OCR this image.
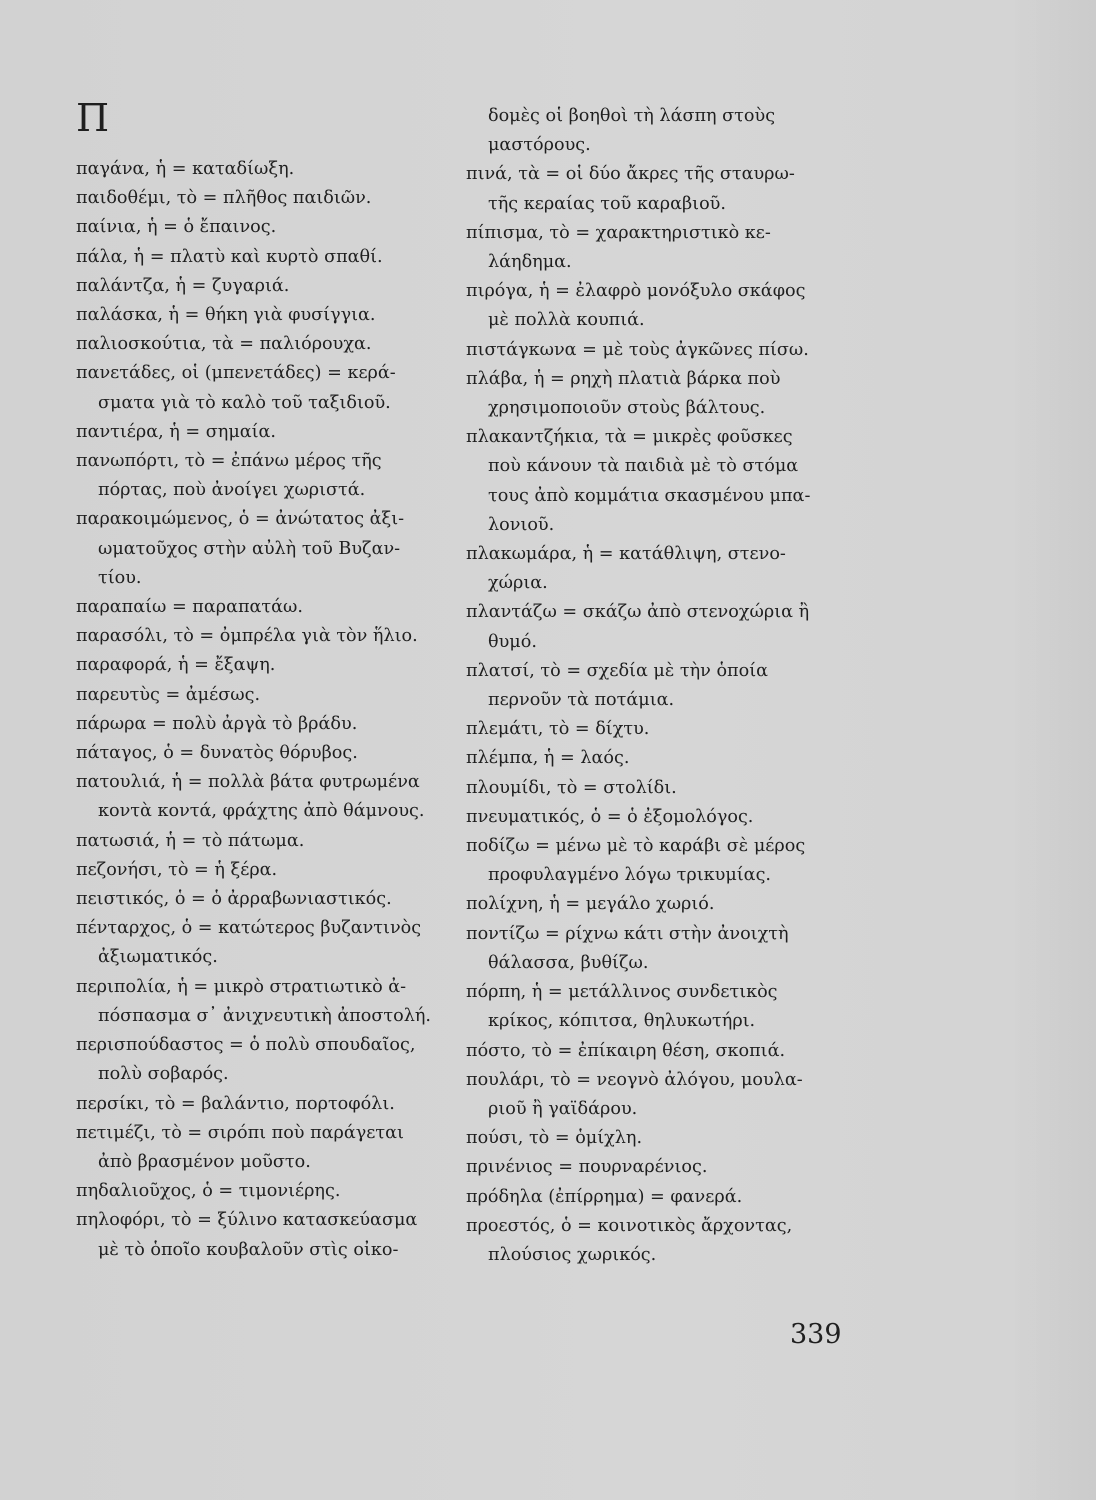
Π
παγάνα, ἡ = καταδίωξη.
παιδοθέμι, τὸ = πλῆθος παιδιῶν.
παίνια, ἡ = ὁ ἔπαινος.
πάλα, ἡ = πλατὺ καὶ κυρτὸ σπαθί.
παλάντζα, ἡ = ζυγαριά.
παλάσκα, ἡ = θήκη γιὰ φυσίγγια.
παλιοσκούτια, τὰ = παλιόρουχα.
πανετάδες, οἱ (μπενετάδες) = κερά-
σματα γιὰ τὸ καλὸ τοῦ ταξιδιοῦ.
παντιέρα, ἡ = σημαία.
πανωπόρτι, τὸ = ἐπάνω μέρος τῆς
πόρτας, ποὺ ἀνοίγει χωριστά.
παρακοιμώμενος, ὁ = ἀνώτατος ἀξι-
ωματοῦχος στὴν αὐλὴ τοῦ Βυζαν-
τίου.
παραπαίω = παραπατάω.
παρασόλι, τὸ = ὀμπρέλα γιὰ τὸν ἥλιο.
παραφορά, ἡ = ἔξαψη.
παρευτὺς = ἀμέσως.
πάρωρα = πολὺ ἀργὰ τὸ βράδυ.
πάταγος, ὁ = δυνατὸς θόρυβος.
πατουλιά, ἡ = πολλὰ βάτα φυτρωμένα
κοντὰ κοντά, φράχτης ἀπὸ θάμνους.
πατωσιά, ἡ = τὸ πάτωμα.
πεζονήσι, τὸ = ἡ ξέρα.
πειστικός, ὁ = ὁ ἀρραβωνιαστικός.
πένταρχος, ὁ = κατώτερος βυζαντινὸς
ἀξιωματικός.
περιπολία, ἡ = μικρὸ στρατιωτικὸ ἀ-
πόσπασμα σ᾽ ἀνιχνευτικὴ ἀποστολή.
περισπούδαστος = ὁ πολὺ σπουδαῖος,
πολὺ σοβαρός.
περσίκι, τὸ = βαλάντιο, πορτοφόλι.
πετιμέζι, τὸ = σιρόπι ποὺ παράγεται
ἀπὸ βρασμένον μοῦστο.
πηδαλιοῦχος, ὁ = τιμονιέρης.
πηλοφόρι, τὸ = ξύλινο κατασκεύασμα
μὲ τὸ ὁποῖο κουβαλοῦν στὶς οἰκο-
δομὲς οἱ βοηθοὶ τὴ λάσπη στοὺς
μαστόρους.
πινά, τὰ = οἱ δύο ἄκρες τῆς σταυρω-
τῆς κεραίας τοῦ καραβιοῦ.
πίπισμα, τὸ = χαρακτηριστικὸ κε-
λάηδημα.
πιρόγα, ἡ = ἐλαφρὸ μονόξυλο σκάφος
μὲ πολλὰ κουπιά.
πιστάγκωνα = μὲ τοὺς ἀγκῶνες πίσω.
πλάβα, ἡ = ρηχὴ πλατιὰ βάρκα ποὺ
χρησιμοποιοῦν στοὺς βάλτους.
πλακαντζήκια, τὰ = μικρὲς φοῦσκες
ποὺ κάνουν τὰ παιδιὰ μὲ τὸ στόμα
τους ἀπὸ κομμάτια σκασμένου μπα-
λονιοῦ.
πλακωμάρα, ἡ = κατάθλιψη, στενο-
χώρια.
πλαντάζω = σκάζω ἀπὸ στενοχώρια ἢ
θυμό.
πλατσί, τὸ = σχεδία μὲ τὴν ὁποία
περνοῦν τὰ ποτάμια.
πλεμάτι, τὸ = δίχτυ.
πλέμπα, ἡ = λαός.
πλουμίδι, τὸ = στολίδι.
πνευματικός, ὁ = ὁ ἐξομολόγος.
ποδίζω = μένω μὲ τὸ καράβι σὲ μέρος
προφυλαγμένο λόγω τρικυμίας.
πολίχνη, ἡ = μεγάλο χωριό.
ποντίζω = ρίχνω κάτι στὴν ἀνοιχτὴ
θάλασσα, βυθίζω.
πόρπη, ἡ = μετάλλινος συνδετικὸς
κρίκος, κόπιτσα, θηλυκωτήρι.
πόστο, τὸ = ἐπίκαιρη θέση, σκοπιά.
πουλάρι, τὸ = νεογνὸ ἀλόγου, μουλα-
ριοῦ ἢ γαϊδάρου.
πούσι, τὸ = ὁμίχλη.
πρινένιος = πουρναρένιος.
πρόδηλα (ἐπίρρημα) = φανερά.
προεστός, ὁ = κοινοτικὸς ἄρχοντας,
πλούσιος χωρικός.
339
